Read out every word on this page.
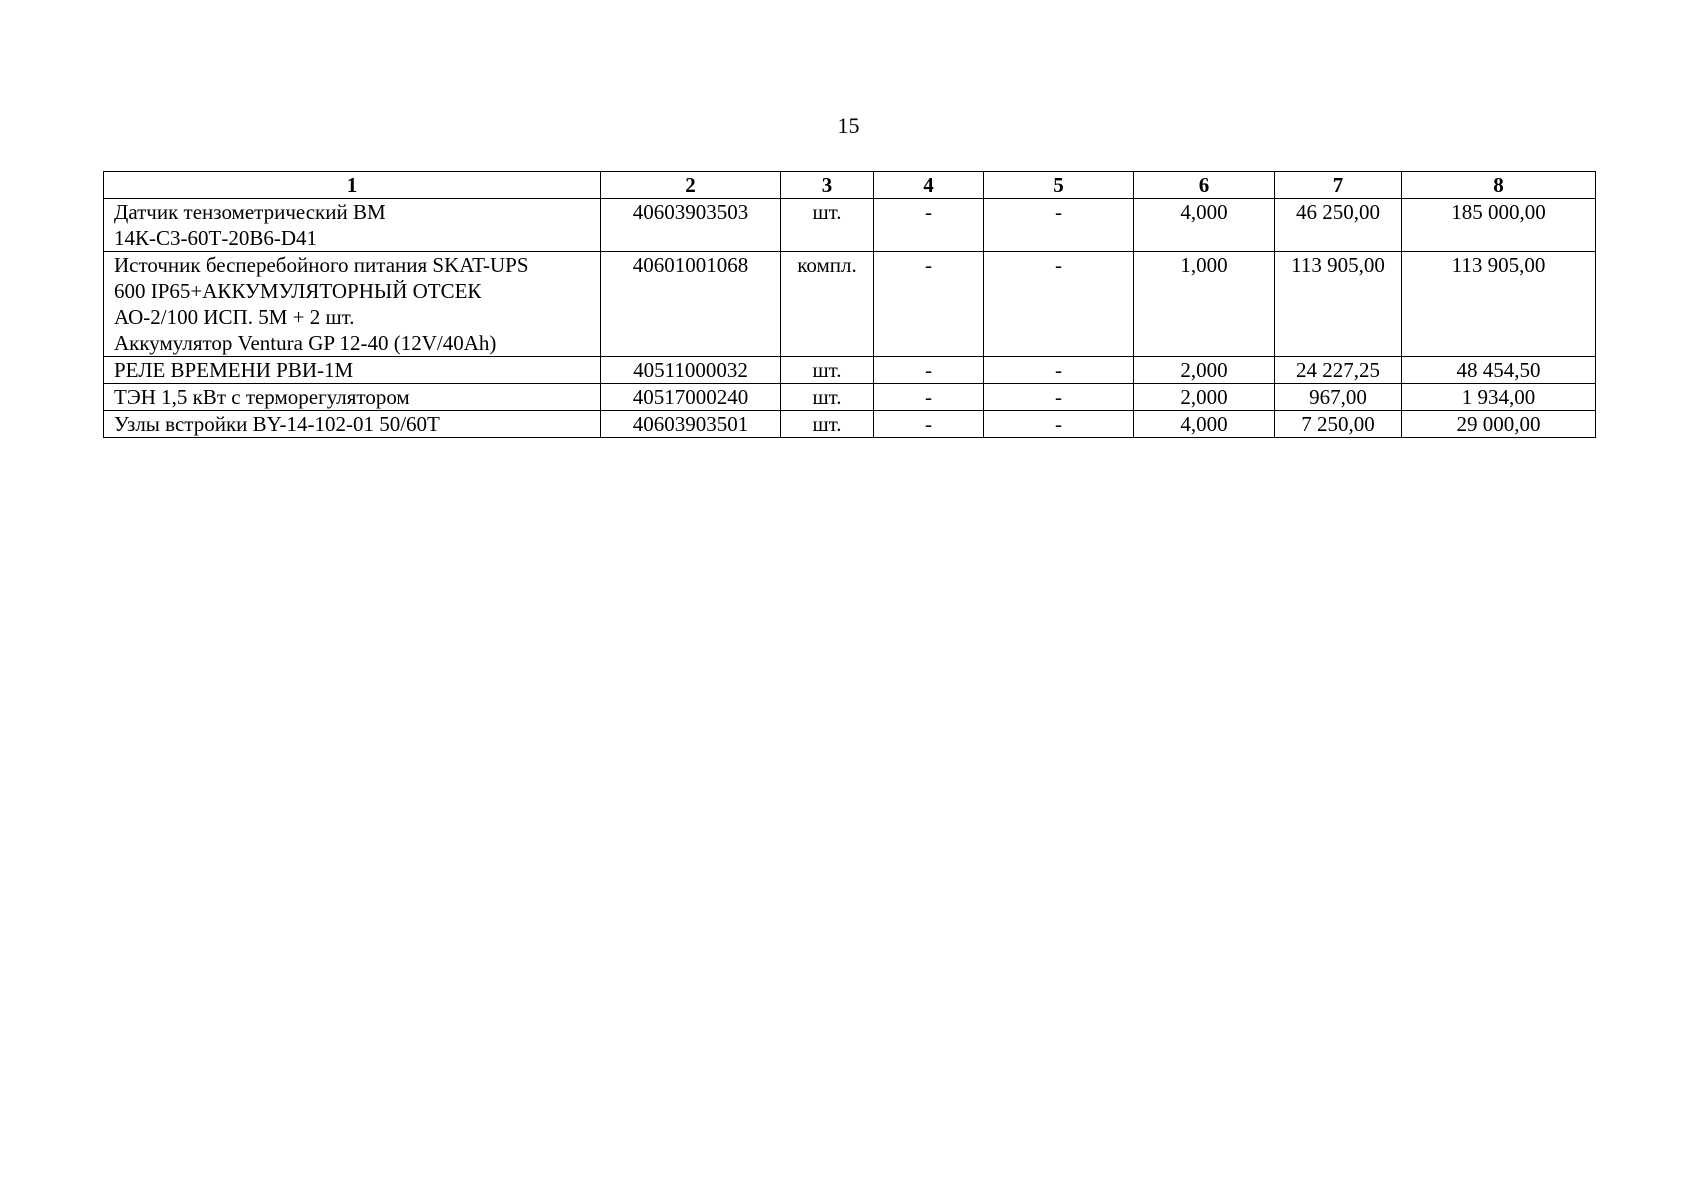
15
1	2	3	4	5	6	7	8
Датчик тензометрический ВМ
14К-С3-60Т-20В6-D41	40603903503	шт.	-	-	4,000	46 250,00	185 000,00
Источник бесперебойного питания SKAT-UPS
600 IP65+АККУМУЛЯТОРНЫЙ ОТСЕК
АО-2/100 ИСП. 5М + 2 шт.
Аккумулятор Ventura GP 12-40 (12V/40Ah)	40601001068	компл.	-	-	1,000	113 905,00	113 905,00
РЕЛЕ ВРЕМЕНИ РВИ-1М	40511000032	шт.	-	-	2,000	24 227,25	48 454,50
ТЭН 1,5 кВт с терморегулятором	40517000240	шт.	-	-	2,000	967,00	1 934,00
Узлы встройки BY-14-102-01 50/60T	40603903501	шт.	-	-	4,000	7 250,00	29 000,00
